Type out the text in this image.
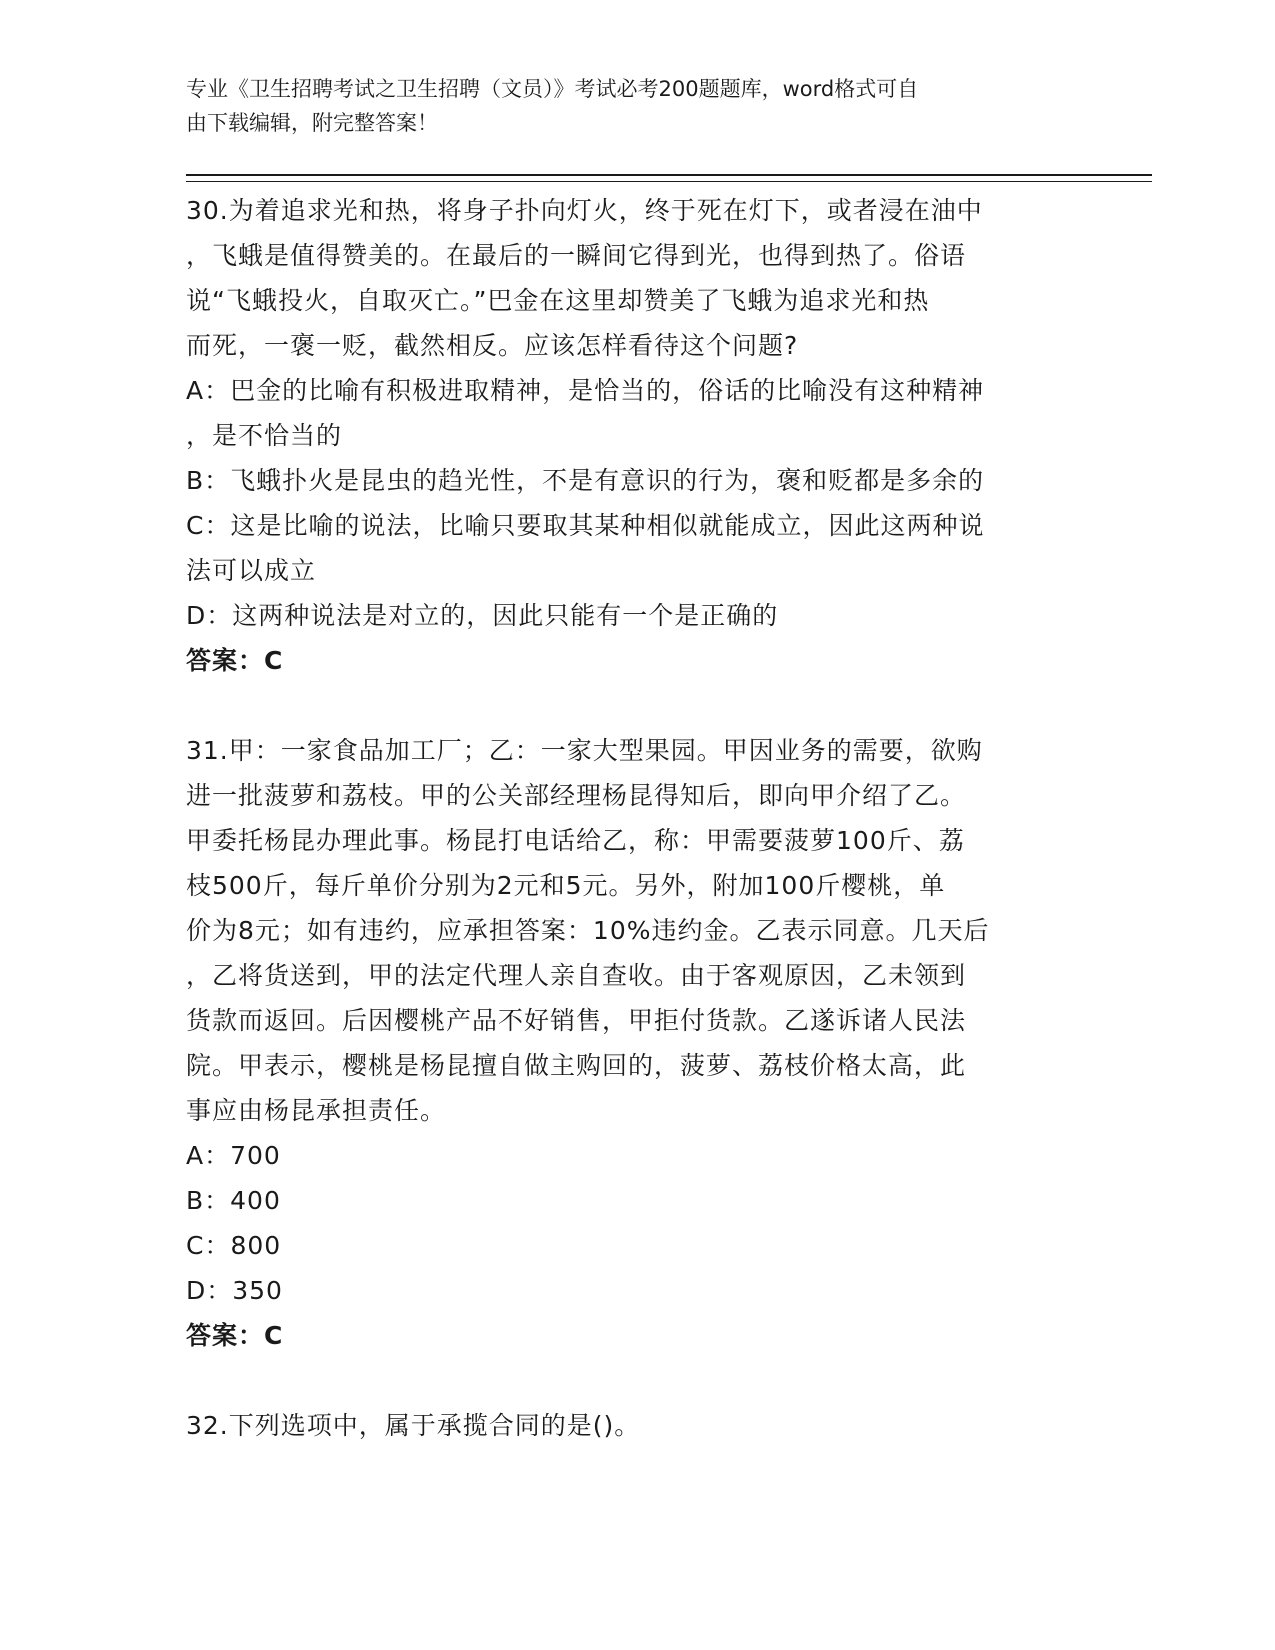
专业《卫生招聘考试之卫生招聘（文员）》考试必考200题题库，word格式可自
由下载编辑，附完整答案！

30.为着追求光和热，将身子扑向灯火，终于死在灯下，或者浸在油中

，飞蛾是值得赞美的。在最后的一瞬间它得到光，也得到热了。俗语

说“飞蛾投火，自取灭亡。”巴金在这里却赞美了飞蛾为追求光和热

而死，一褒一贬，截然相反。应该怎样看待这个问题?

A：巴金的比喻有积极进取精神，是恰当的，俗话的比喻没有这种精神

，是不恰当的

B：飞蛾扑火是昆虫的趋光性，不是有意识的行为，褒和贬都是多余的

C：这是比喻的说法，比喻只要取其某种相似就能成立，因此这两种说

法可以成立

D：这两种说法是对立的，因此只能有一个是正确的

答案：C

31.甲：一家食品加工厂；乙：一家大型果园。甲因业务的需要，欲购

进一批菠萝和荔枝。甲的公关部经理杨昆得知后，即向甲介绍了乙。

甲委托杨昆办理此事。杨昆打电话给乙，称：甲需要菠萝100斤、荔

枝500斤，每斤单价分别为2元和5元。另外，附加100斤樱桃，单

价为8元；如有违约，应承担答案：10%违约金。乙表示同意。几天后

，乙将货送到，甲的法定代理人亲自查收。由于客观原因，乙未领到

货款而返回。后因樱桃产品不好销售，甲拒付货款。乙遂诉诸人民法

院。甲表示，樱桃是杨昆擅自做主购回的，菠萝、荔枝价格太高，此

事应由杨昆承担责任。

A：700

B：400

C：800

D：350

答案：C

32.下列选项中，属于承揽合同的是()。
